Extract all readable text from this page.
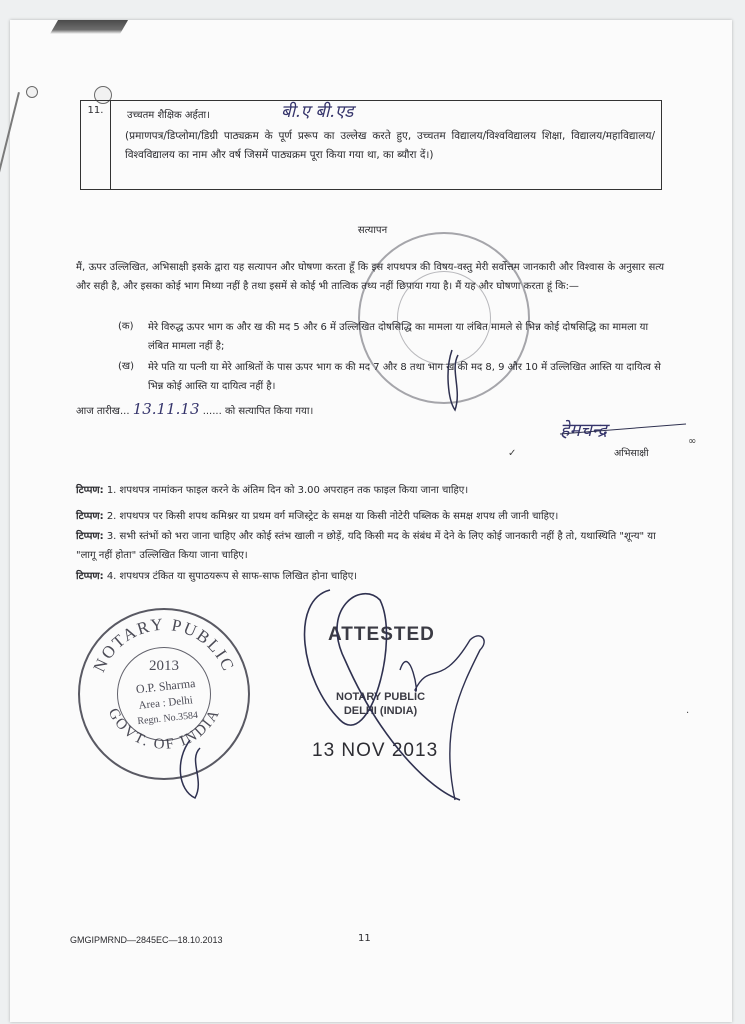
11.	उच्चतम शैक्षिक अर्हता।	बी.ए बी.एड
(प्रमाणपत्र/डिप्लोमा/डिग्री पाठ्यक्रम के पूर्ण प्ररूप का उल्लेख करते हुए, उच्चतम विद्यालय/विश्वविद्यालय शिक्षा, विद्यालय/महाविद्यालय/विश्वविद्यालय का नाम और वर्ष जिसमें पाठ्यक्रम पूरा किया गया था, का ब्यौरा दें।)
सत्यापन
मैं, ऊपर उल्लिखित, अभिसाक्षी इसके द्वारा यह सत्यापन और घोषणा करता हूँ कि इस शपथपत्र की विषय-वस्तु मेरी सर्वोत्तम जानकारी और विश्वास के अनुसार सत्य और सही है, और इसका कोई भाग मिथ्या नहीं है तथा इसमें से कोई भी तात्विक तथ्य नहीं छिपाया गया है। मैं यह और घोषणा करता हूं कि:—
(क) मेरे विरुद्ध ऊपर भाग क और ख की मद 5 और 6 में उल्लिखित दोषसिद्धि का मामला या लंबित मामले से भिन्न कोई दोषसिद्धि का मामला या लंबित मामला नहीं है;
(ख) मेरे पति या पत्नी या मेरे आश्रितों के पास ऊपर भाग क की मद 7 और 8 तथा भाग ख की मद 8, 9 और 10 में उल्लिखित आस्ति या दायित्व से भिन्न कोई आस्ति या दायित्व नहीं है।
आज तारीख... 13.11.13 ...... को सत्यापित किया गया।
हेमचन्द्र
अभिसाक्षी
टिप्पण: 1. शपथपत्र नामांकन फाइल करने के अंतिम दिन को 3.00 अपराहन तक फाइल किया जाना चाहिए।
टिप्पण: 2. शपथपत्र पर किसी शपथ कमिश्नर या प्रथम वर्ग मजिस्ट्रेट के समक्ष या किसी नोटेरी पब्लिक के समक्ष शपथ ली जानी चाहिए।
टिप्पण: 3. सभी स्तंभों को भरा जाना चाहिए और कोई स्तंभ खाली न छोड़ें, यदि किसी मद के संबंध में देने के लिए कोई जानकारी नहीं है तो, यथास्थिति "शून्य" या "लागू नहीं होता" उल्लिखित किया जाना चाहिए।
टिप्पण: 4. शपथपत्र टंकित या सुपाठयरूप से साफ-साफ लिखित होना चाहिए।
NOTARY PUBLIC
GOVT. OF INDIA
2013
O.P. Sharma
Area : Delhi
Regn. No.3584
ATTESTED
NOTARY PUBLIC
DELHI (INDIA)
13 NOV 2013
∞
✓
·
GMGIPMRND—2845EC—18.10.2013	11
